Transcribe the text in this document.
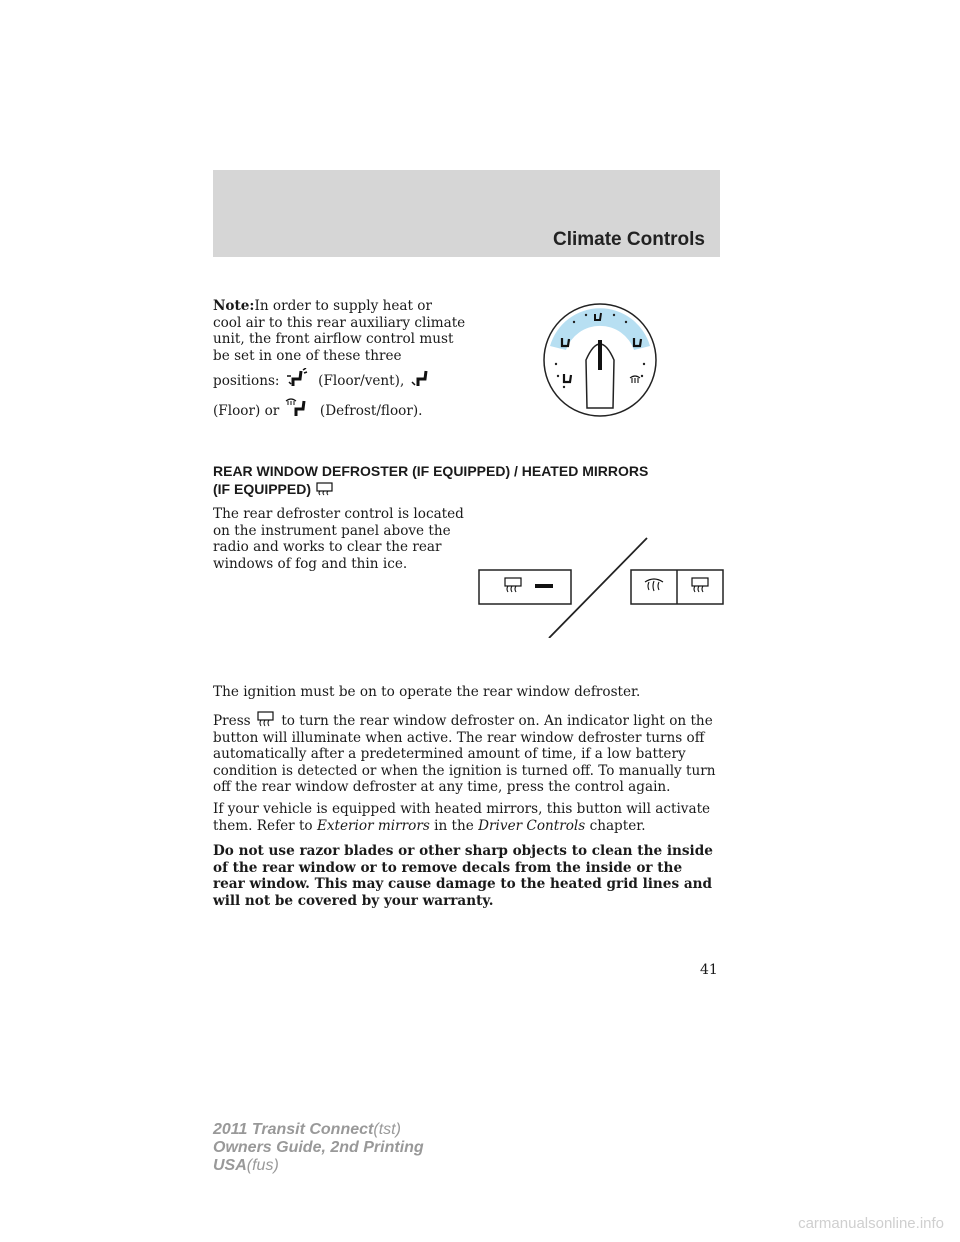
Climate Controls
Note:In order to supply heat or
cool air to this rear auxiliary climate
unit, the front airflow control must
be set in one of these three
positions:	(Floor/vent),
(Floor) or	(Defrost/floor).
REAR WINDOW DEFROSTER (IF EQUIPPED) / HEATED MIRRORS
(IF EQUIPPED)
The rear defroster control is located
on the instrument panel above the
radio and works to clear the rear
windows of fog and thin ice.
The ignition must be on to operate the rear window defroster.
Press to turn the rear window defroster on. An indicator light on the
button will illuminate when active. The rear window defroster turns off
automatically after a predetermined amount of time, if a low battery
condition is detected or when the ignition is turned off. To manually turn
off the rear window defroster at any time, press the control again.
If your vehicle is equipped with heated mirrors, this button will activate
them. Refer to Exterior mirrors in the Driver Controls chapter.
Do not use razor blades or other sharp objects to clean the inside
of the rear window or to remove decals from the inside or the
rear window. This may cause damage to the heated grid lines and
will not be covered by your warranty.
41
2011 Transit Connect(tst)
Owners Guide, 2nd Printing
USA(fus)
carmanualsonline.info
